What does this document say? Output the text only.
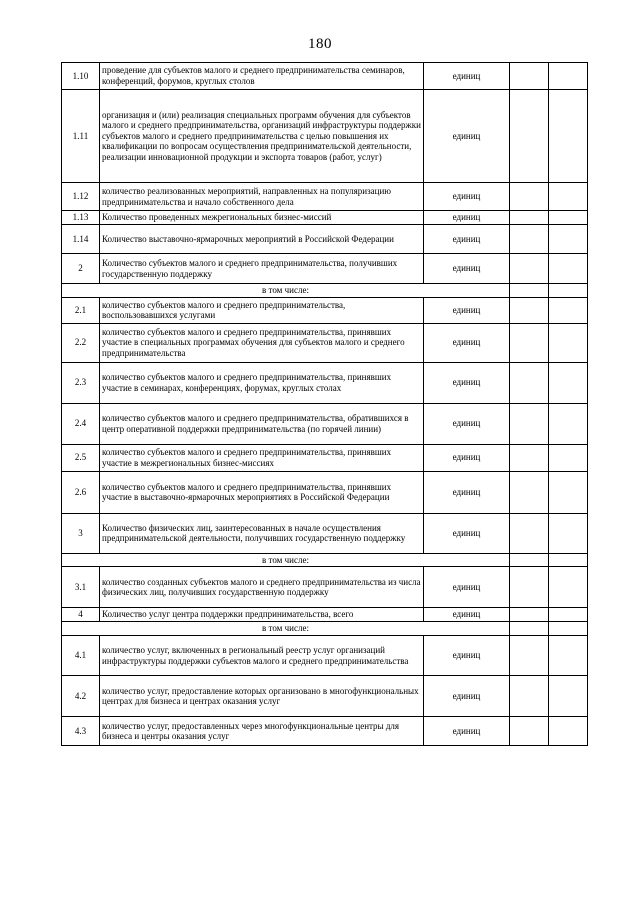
180
1.10	проведение для субъектов малого и среднего предпринимательства семинаров, конференций, форумов, круглых столов	единиц		
1.11	организация и (или) реализация специальных программ обучения для субъектов малого и среднего предпринимательства, организаций инфраструктуры поддержки субъектов малого и среднего предпринимательства с целью повышения их квалификации по вопросам осуществления предпринимательской деятельности, реализации инновационной продукции и экспорта товаров (работ, услуг)	единиц		
1.12	количество реализованных мероприятий, направленных на популяризацию предпринимательства и начало собственного дела	единиц		
1.13	Количество проведенных межрегиональных бизнес-миссий	единиц		
1.14	Количество выставочно-ярмарочных мероприятий в Российской Федерации	единиц		
2	Количество субъектов малого и среднего предпринимательства, получивших государственную поддержку	единиц		
в том числе:				
2.1	количество субъектов малого и среднего предпринимательства, воспользовавшихся услугами	единиц		
2.2	количество субъектов малого и среднего предпринимательства, принявших участие в специальных программах обучения для субъектов малого и среднего предпринимательства	единиц		
2.3	количество субъектов малого и среднего предпринимательства, принявших участие в семинарах, конференциях, форумах, круглых столах	единиц		
2.4	количество субъектов малого и среднего предпринимательства, обратившихся в центр оперативной поддержки предпринимательства (по горячей линии)	единиц		
2.5	количество субъектов малого и среднего предпринимательства, принявших участие в межрегиональных бизнес-миссиях	единиц		
2.6	количество субъектов малого и среднего предпринимательства, принявших участие в выставочно-ярмарочных мероприятиях в Российской Федерации	единиц		
3	Количество физических лиц, заинтересованных в начале осуществления предпринимательской деятельности, получивших государственную поддержку	единиц		
в том числе:				
3.1	количество созданных субъектов малого и среднего предпринимательства из числа физических лиц, получивших государственную поддержку	единиц		
4	Количество услуг центра поддержки предпринимательства, всего	единиц		
в том числе:				
4.1	количество услуг, включенных в региональный реестр услуг организаций инфраструктуры поддержки субъектов малого и среднего предпринимательства	единиц		
4.2	количество услуг, предоставление которых организовано в многофункциональных центрах для бизнеса и центрах оказания услуг	единиц		
4.3	количество услуг, предоставленных через многофункциональные центры для бизнеса и центры оказания услуг	единиц		
